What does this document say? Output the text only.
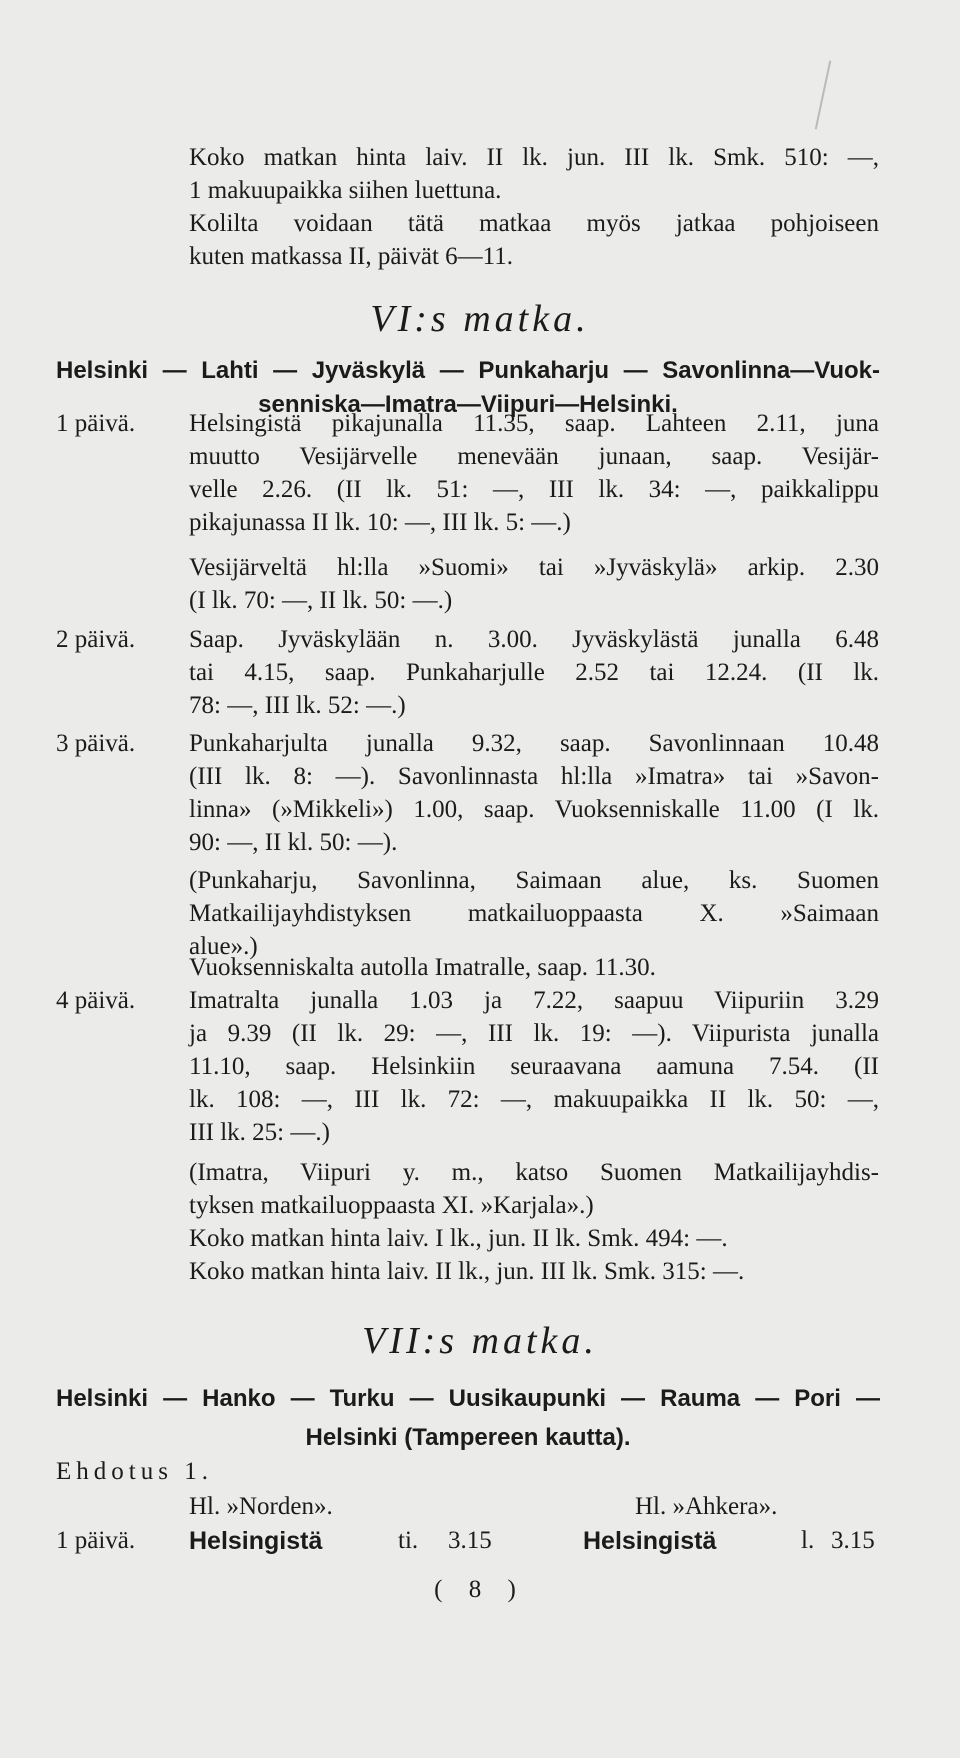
Koko matkan hinta laiv. II lk. jun. III lk. Smk. 510: —,
1 makuupaikka siihen luettuna.
Kolilta voidaan tätä matkaa myös jatkaa pohjoiseen
kuten matkassa II, päivät 6—11.
VI:s matka.
Helsinki — Lahti — Jyväskylä — Punkaharju — Savonlinna—Vuok-
senniska—Imatra—Viipuri—Helsinki.
1 päivä. Helsingistä pikajunalla 11.35, saap. Lahteen 2.11, juna
muutto Vesijärvelle menevään junaan, saap. Vesijär-
velle 2.26. (II lk. 51: —, III lk. 34: —, paikkalippu
pikajunassa II lk. 10: —, III lk. 5: —.)
Vesijärveltä hl:lla »Suomi» tai »Jyväskylä» arkip. 2.30
(I lk. 70: —, II lk. 50: —.)
2 päivä. Saap. Jyväskylään n. 3.00. Jyväskylästä junalla 6.48
tai 4.15, saap. Punkaharjulle 2.52 tai 12.24. (II lk.
78: —, III lk. 52: —.)
3 päivä. Punkaharjulta junalla 9.32, saap. Savonlinnaan 10.48
(III lk. 8: —). Savonlinnasta hl:lla »Imatra» tai »Savon-
linna» (»Mikkeli») 1.00, saap. Vuoksenniskalle 11.00 (I lk.
90: —, II kl. 50: —).
(Punkaharju, Savonlinna, Saimaan alue, ks. Suomen
Matkailijayhdistyksen matkailuoppaasta X. »Saimaan
alue».)
Vuoksenniskalta autolla Imatralle, saap. 11.30.
4 päivä. Imatralta junalla 1.03 ja 7.22, saapuu Viipuriin 3.29
ja 9.39 (II lk. 29: —, III lk. 19: —). Viipurista junalla
11.10, saap. Helsinkiin seuraavana aamuna 7.54. (II
lk. 108: —, III lk. 72: —, makuupaikka II lk. 50: —,
III lk. 25: —.)
(Imatra, Viipuri y. m., katso Suomen Matkailijayhdis-
tyksen matkailuoppaasta XI. »Karjala».)
Koko matkan hinta laiv. I lk., jun. II lk. Smk. 494: —.
Koko matkan hinta laiv. II lk., jun. III lk. Smk. 315: —.
VII:s matka.
Helsinki — Hanko — Turku — Uusikaupunki — Rauma — Pori —
Helsinki (Tampereen kautta).
Ehdotus 1.
Hl. »Norden».	Hl. »Ahkera».
1 päivä. Helsingistä	ti. 3.15	Helsingistä	l. 3.15
( 8 )
